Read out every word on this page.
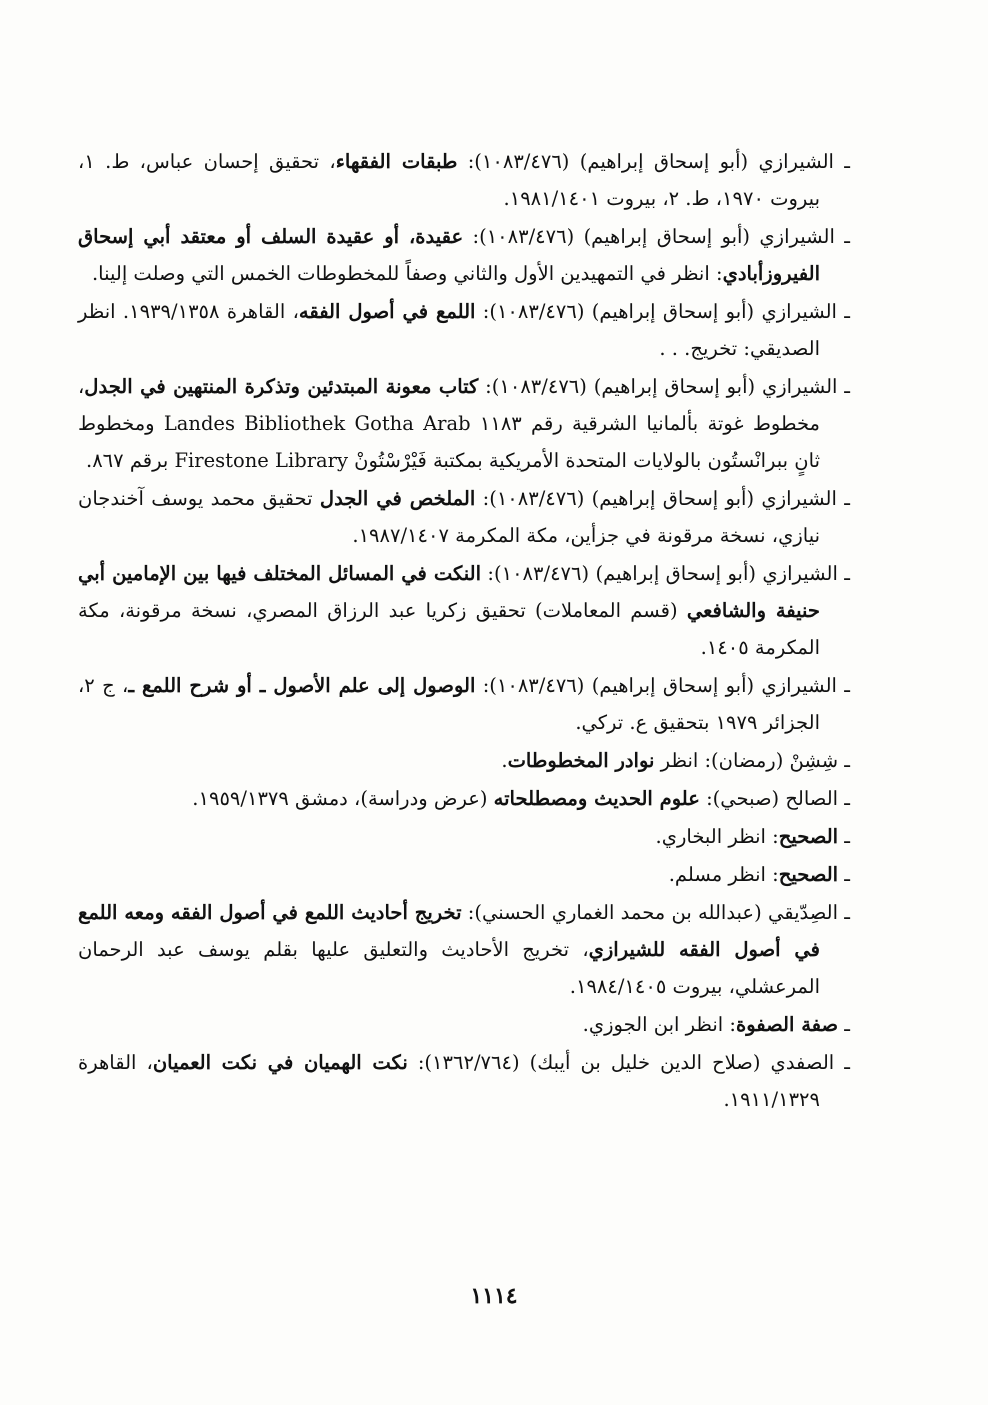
ـ الشيرازي (أبو إسحاق إبراهيم) (١٠٨٣/٤٧٦): طبقات الفقهاء، تحقيق إحسان عباس، ط. ١، بيروت ١٩٧٠، ط. ٢، بيروت ١٩٨١/١٤٠١.

ـ الشيرازي (أبو إسحاق إبراهيم) (١٠٨٣/٤٧٦): عقيدة، أو عقيدة السلف أو معتقد أبي إسحاق الفيروزأبادي: انظر في التمهيدين الأول والثاني وصفاً للمخطوطات الخمس التي وصلت إلينا.

ـ الشيرازي (أبو إسحاق إبراهيم) (١٠٨٣/٤٧٦): اللمع في أصول الفقه، القاهرة ١٩٣٩/١٣٥٨. انظر الصديقي: تخريج. . .

ـ الشيرازي (أبو إسحاق إبراهيم) (١٠٨٣/٤٧٦): كتاب معونة المبتدئين وتذكرة المنتهين في الجدل، مخطوط غوتة بألمانيا الشرقية رقم ١١٨٣ Landes Bibliothek Gotha Arab ومخطوط ثانٍ ببرانْستُون بالولايات المتحدة الأمريكية بمكتبة فَيْرْسْتُونْ Firestone Library برقم ٨٦٧.

ـ الشيرازي (أبو إسحاق إبراهيم) (١٠٨٣/٤٧٦): الملخص في الجدل تحقيق محمد يوسف آخندجان نيازي، نسخة مرقونة في جزأين، مكة المكرمة ١٩٨٧/١٤٠٧.

ـ الشيرازي (أبو إسحاق إبراهيم) (١٠٨٣/٤٧٦): النكت في المسائل المختلف فيها بين الإمامين أبي حنيفة والشافعي (قسم المعاملات) تحقيق زكريا عبد الرزاق المصري، نسخة مرقونة، مكة المكرمة ١٤٠٥.

ـ الشيرازي (أبو إسحاق إبراهيم) (١٠٨٣/٤٧٦): الوصول إلى علم الأصول ـ أو شرح اللمع ـ، ج ٢، الجزائر ١٩٧٩ بتحقيق ع. تركي.

ـ شِشِنْ (رمضان): انظر نوادر المخطوطات.

ـ الصالح (صبحي): علوم الحديث ومصطلحاته (عرض ودراسة)، دمشق ١٩٥٩/١٣٧٩.

ـ الصحيح: انظر البخاري.

ـ الصحيح: انظر مسلم.

ـ الصِدّيقي (عبدالله بن محمد الغماري الحسني): تخريج أحاديث اللمع في أصول الفقه ومعه اللمع في أصول الفقه للشيرازي، تخريج الأحاديث والتعليق عليها بقلم يوسف عبد الرحمان المرعشلي، بيروت ١٩٨٤/١٤٠٥.

ـ صفة الصفوة: انظر ابن الجوزي.

ـ الصفدي (صلاح الدين خليل بن أيبك) (١٣٦٢/٧٦٤): نكت الهميان في نكت العميان، القاهرة ١٩١١/١٣٢٩.

١١١٤
